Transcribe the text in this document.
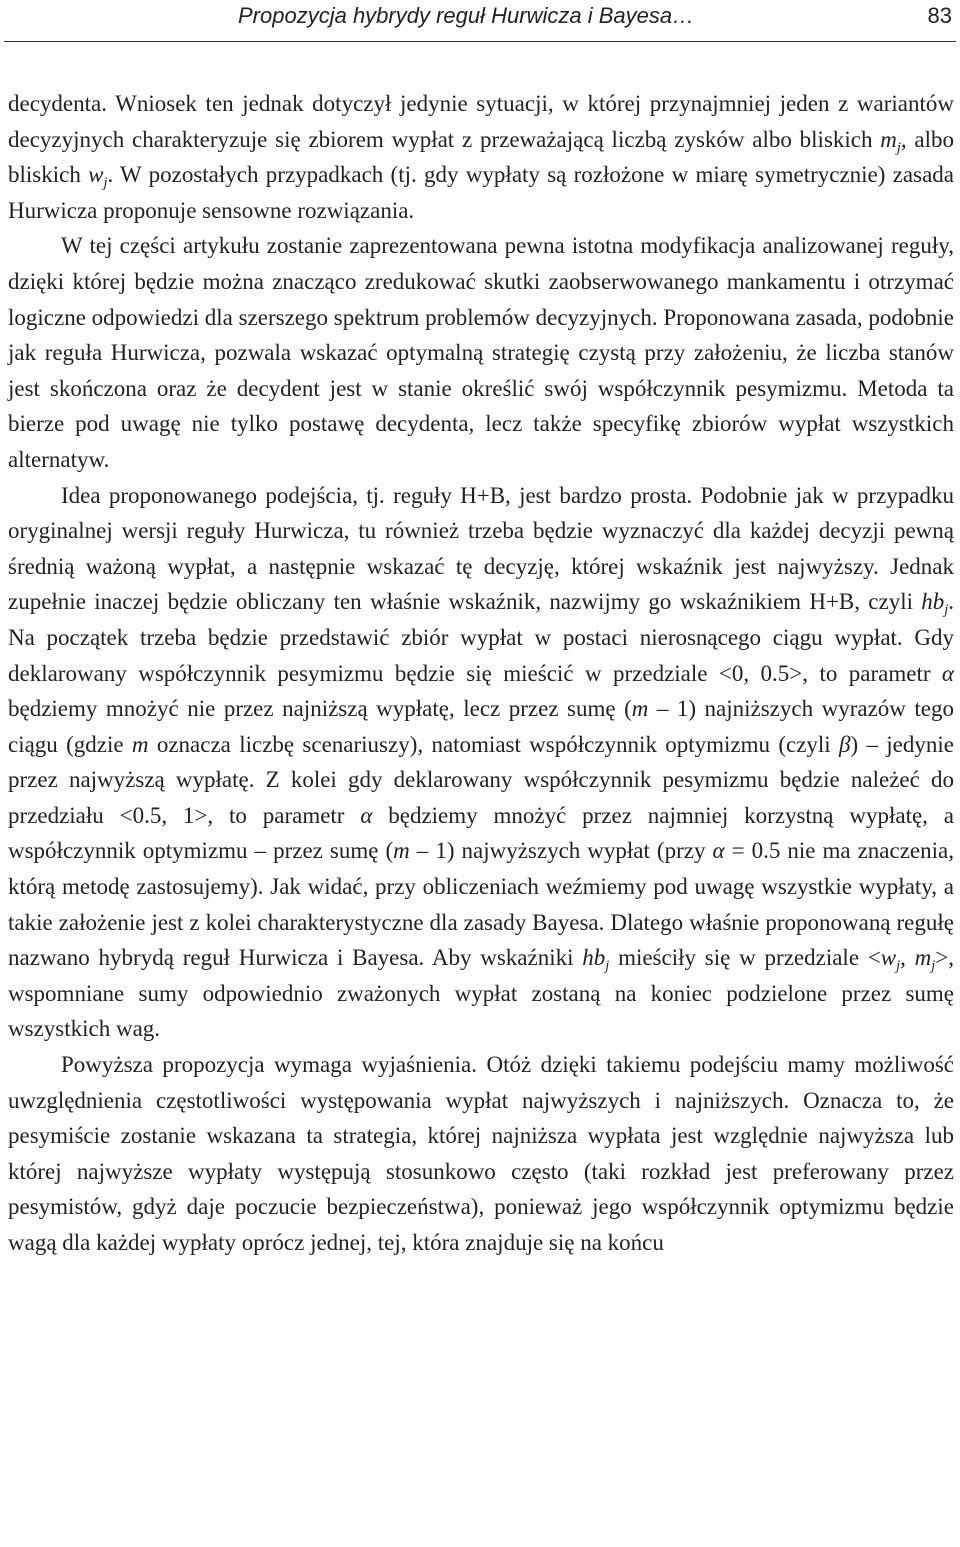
Propozycja hybrydy reguł Hurwicza i Bayesa…	83

decydenta. Wniosek ten jednak dotyczył jedynie sytuacji, w której przynajmniej jeden z wariantów decyzyjnych charakteryzuje się zbiorem wypłat z przeważającą liczbą zysków albo bliskich $m_j$, albo bliskich $w_j$. W pozostałych przypadkach (tj. gdy wypłaty są rozłożone w miarę symetrycznie) zasada Hurwicza proponuje sensowne rozwiązania.

W tej części artykułu zostanie zaprezentowana pewna istotna modyfikacja analizowanej reguły, dzięki której będzie można znacząco zredukować skutki zaobserwowanego mankamentu i otrzymać logiczne odpowiedzi dla szerszego spektrum problemów decyzyjnych. Proponowana zasada, podobnie jak reguła Hurwicza, pozwala wskazać optymalną strategię czystą przy założeniu, że liczba stanów jest skończona oraz że decydent jest w stanie określić swój współczynnik pesymizmu. Metoda ta bierze pod uwagę nie tylko postawę decydenta, lecz także specyfikę zbiorów wypłat wszystkich alternatyw.

Idea proponowanego podejścia, tj. reguły H+B, jest bardzo prosta. Podobnie jak w przypadku oryginalnej wersji reguły Hurwicza, tu również trzeba będzie wyznaczyć dla każdej decyzji pewną średnią ważoną wypłat, a następnie wskazać tę decyzję, której wskaźnik jest najwyższy. Jednak zupełnie inaczej będzie obliczany ten właśnie wskaźnik, nazwijmy go wskaźnikiem H+B, czyli $hb_j$. Na początek trzeba będzie przedstawić zbiór wypłat w postaci nierosnącego ciągu wypłat. Gdy deklarowany współczynnik pesymizmu będzie się mieścić w przedziale <0, 0.5>, to parametr α będziemy mnożyć nie przez najniższą wypłatę, lecz przez sumę (m – 1) najniższych wyrazów tego ciągu (gdzie m oznacza liczbę scenariuszy), natomiast współczynnik optymizmu (czyli β) – jedynie przez najwyższą wypłatę. Z kolei gdy deklarowany współczynnik pesymizmu będzie należeć do przedziału <0.5, 1>, to parametr α będziemy mnożyć przez najmniej korzystną wypłatę, a współczynnik optymizmu – przez sumę (m – 1) najwyższych wypłat (przy α = 0.5 nie ma znaczenia, którą metodę zastosujemy). Jak widać, przy obliczeniach weźmiemy pod uwagę wszystkie wypłaty, a takie założenie jest z kolei charakterystyczne dla zasady Bayesa. Dlatego właśnie proponowaną regułę nazwano hybrydą reguł Hurwicza i Bayesa. Aby wskaźniki $hb_j$ mieściły się w przedziale $<w_j$, $m_j>$, wspomniane sumy odpowiednio zważonych wypłat zostaną na koniec podzielone przez sumę wszystkich wag.

Powyższa propozycja wymaga wyjaśnienia. Otóż dzięki takiemu podejściu mamy możliwość uwzględnienia częstotliwości występowania wypłat najwyższych i najniższych. Oznacza to, że pesymiście zostanie wskazana ta strategia, której najniższa wypłata jest względnie najwyższa lub której najwyższe wypłaty występują stosunkowo często (taki rozkład jest preferowany przez pesymistów, gdyż daje poczucie bezpieczeństwa), ponieważ jego współczynnik optymizmu będzie wagą dla każdej wypłaty oprócz jednej, tej, która znajduje się na końcu
